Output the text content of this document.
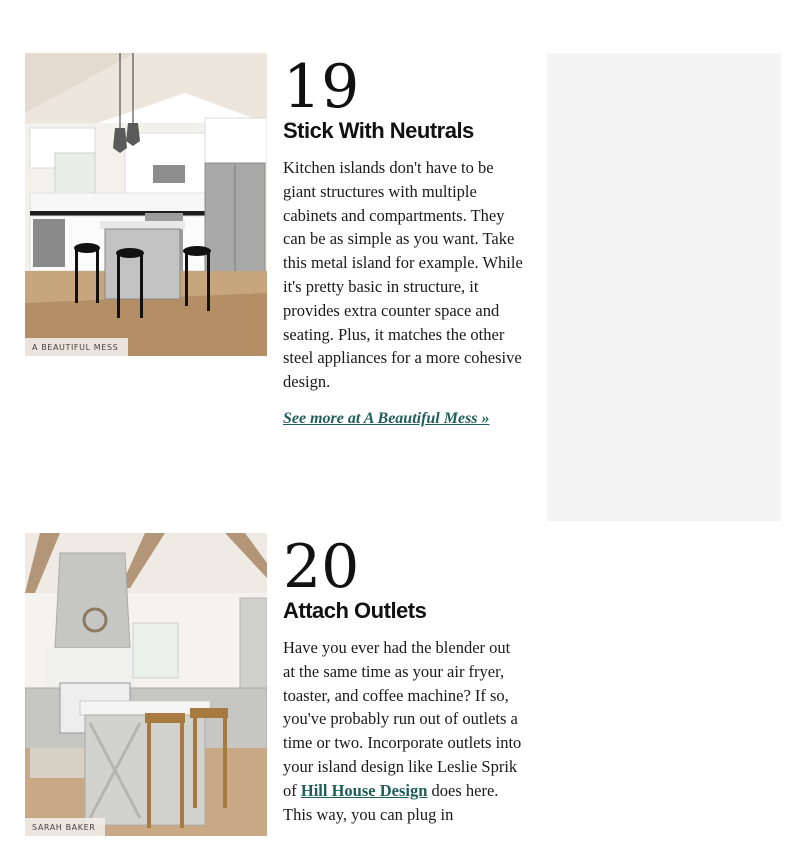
A BEAUTIFUL MESS
19
Stick With Neutrals

Kitchen islands don't have to be giant structures with multiple cabinets and compartments. They can be as simple as you want. Take this metal island for example. While it's pretty basic in structure, it provides extra counter space and seating. Plus, it matches the other steel appliances for a more cohesive design.

See more at A Beautiful Mess »
SARAH BAKER
20
Attach Outlets

Have you ever had the blender out at the same time as your air fryer, toaster, and coffee machine? If so, you've probably run out of outlets a time or two. Incorporate outlets into your island design like Leslie Sprik of Hill House Design does here. This way, you can plug in
